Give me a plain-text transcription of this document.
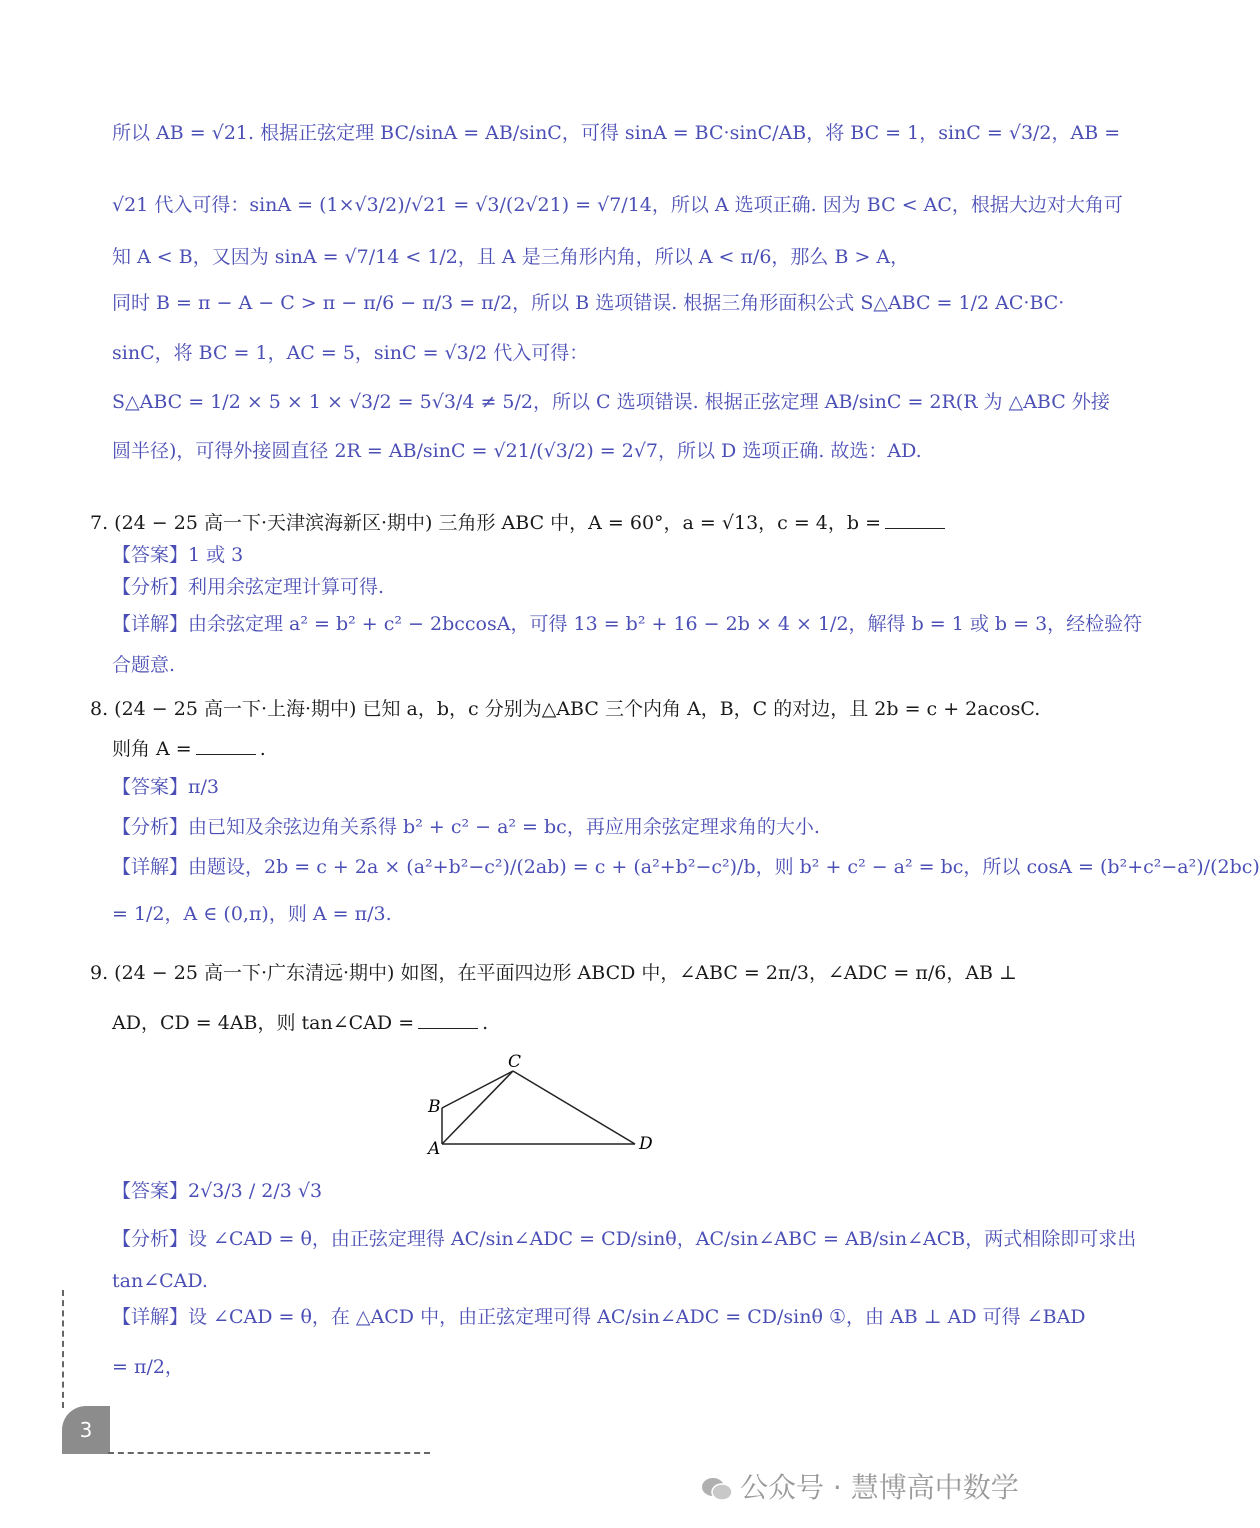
所以 AB = √21. 根据正弦定理 BC/sinA = AB/sinC，可得 sinA = BC·sinC/AB，将 BC = 1，sinC = √3/2，AB =
√21 代入可得：sinA = (1×√3/2)/√21 = √3/(2√21) = √7/14，所以 A 选项正确. 因为 BC < AC，根据大边对大角可
知 A < B，又因为 sinA = √7/14 < 1/2，且 A 是三角形内角，所以 A < π/6，那么 B > A，
同时 B = π − A − C > π − π/6 − π/3 = π/2，所以 B 选项错误. 根据三角形面积公式 S△ABC = 1/2 AC·BC·
sinC，将 BC = 1，AC = 5，sinC = √3/2 代入可得：
S△ABC = 1/2 × 5 × 1 × √3/2 = 5√3/4 ≠ 5/2，所以 C 选项错误. 根据正弦定理 AB/sinC = 2R(R 为 △ABC 外接
圆半径)，可得外接圆直径 2R = AB/sinC = √21/(√3/2) = 2√7，所以 D 选项正确. 故选：AD.
7. (24 − 25 高一下·天津滨海新区·期中) 三角形 ABC 中，A = 60°，a = √13，c = 4，b =
【答案】1 或 3
【分析】利用余弦定理计算可得.
【详解】由余弦定理 a² = b² + c² − 2bccosA，可得 13 = b² + 16 − 2b × 4 × 1/2，解得 b = 1 或 b = 3，经检验符
合题意.
8. (24 − 25 高一下·上海·期中) 已知 a，b，c 分别为△ABC 三个内角 A，B，C 的对边，且 2b = c + 2acosC.
则角 A =	.
【答案】π/3
【分析】由已知及余弦边角关系得 b² + c² − a² = bc，再应用余弦定理求角的大小.
【详解】由题设，2b = c + 2a × (a²+b²−c²)/(2ab) = c + (a²+b²−c²)/b，则 b² + c² − a² = bc，所以 cosA = (b²+c²−a²)/(2bc)
= 1/2，A ∈ (0,π)，则 A = π/3.
9. (24 − 25 高一下·广东清远·期中) 如图，在平面四边形 ABCD 中，∠ABC = 2π/3，∠ADC = π/6，AB ⊥
AD，CD = 4AB，则 tan∠CAD =	.
C
B
A	D
【答案】2√3/3 / 2/3 √3
【分析】设 ∠CAD = θ，由正弦定理得 AC/sin∠ADC = CD/sinθ，AC/sin∠ABC = AB/sin∠ACB，两式相除即可求出
tan∠CAD.
【详解】设 ∠CAD = θ，在 △ACD 中，由正弦定理可得 AC/sin∠ADC = CD/sinθ ①，由 AB ⊥ AD 可得 ∠BAD
= π/2，
3
公众号 · 慧博高中数学
